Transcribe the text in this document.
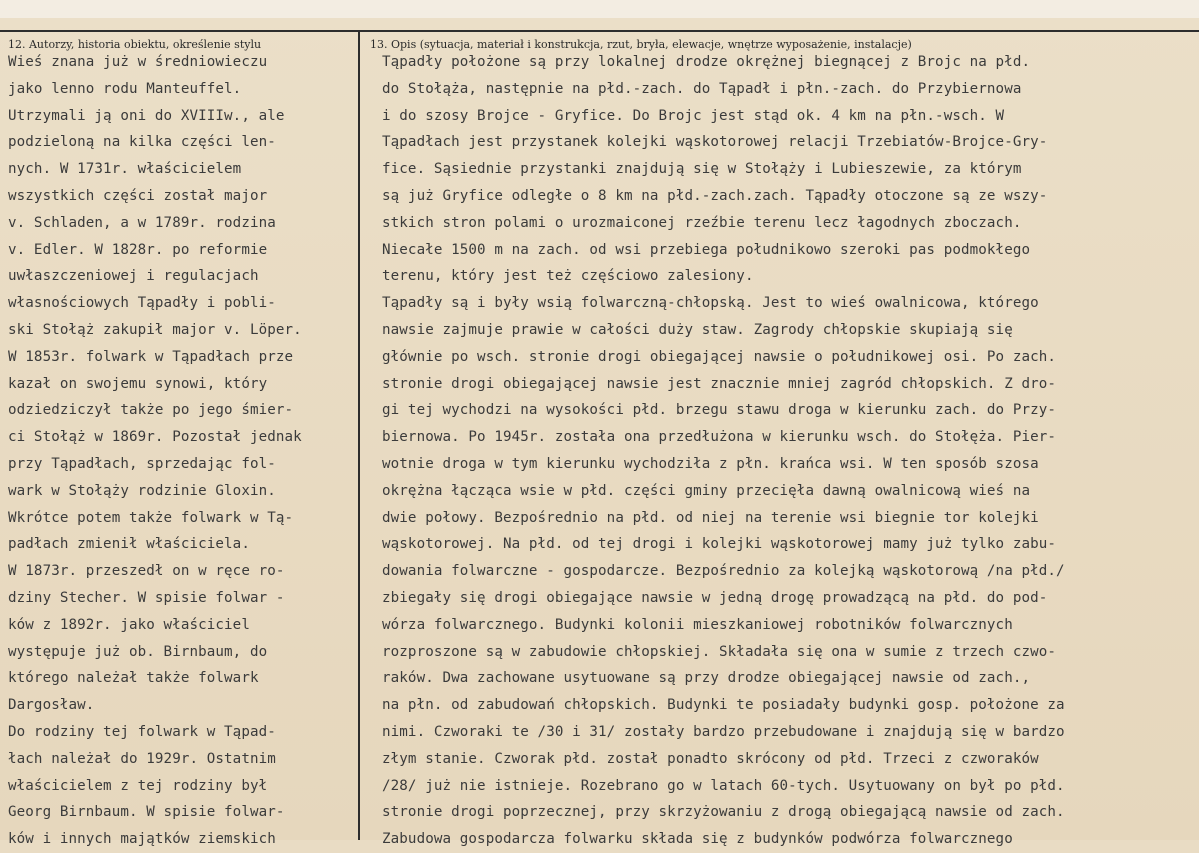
12. Autorzy, historia obiektu, określenie stylu	13. Opis (sytuacja, materiał i konstrukcja, rzut, bryła, elewacje, wnętrze wyposażenie, instalacje)
Wieś znana już w średniowieczu
jako lenno rodu Manteuffel.
Utrzymali ją oni do XVIIIw., ale
podzieloną na kilka części len-
nych. W 1731r. właścicielem
wszystkich części został major
v. Schladen, a w 1789r. rodzina
v. Edler. W 1828r. po reformie
uwłaszczeniowej i regulacjach
własnościowych Tąpadły i pobli-
ski Stołąż zakupił major v. Löper.
W 1853r. folwark w Tąpadłach prze
kazał on swojemu synowi, który
odziedziczył także po jego śmier-
ci Stołąż w 1869r. Pozostał jednak
przy Tąpadłach, sprzedając fol-
wark w Stołąży rodzinie Gloxin.
Wkrótce potem także folwark w Tą-
padłach zmienił właściciela.
W 1873r. przeszedł on w ręce ro-
dziny Stecher. W spisie folwar -
ków z 1892r. jako właściciel
występuje już ob. Birnbaum, do
którego należał także folwark
Dargosław.
Do rodziny tej folwark w Tąpad-
łach należał do 1929r. Ostatnim
właścicielem z tej rodziny był
Georg Birnbaum. W spisie folwar-
ków i innych majątków ziemskich
Tąpadły położone są przy lokalnej drodze okrężnej biegnącej z Brojc na płd.
do Stołąża, następnie na płd.-zach. do Tąpadł i płn.-zach. do Przybiernowa
i do szosy Brojce - Gryfice. Do Brojc jest stąd ok. 4 km na płn.-wsch. W
Tąpadłach jest przystanek kolejki wąskotorowej relacji Trzebiatów-Brojce-Gry-
fice. Sąsiednie przystanki znajdują się w Stołąży i Lubieszewie, za którym
są już Gryfice odległe o 8 km na płd.-zach.zach. Tąpadły otoczone są ze wszy-
stkich stron polami o urozmaiconej rzeźbie terenu lecz łagodnych zboczach.
Niecałe 1500 m na zach. od wsi przebiega południkowo szeroki pas podmokłego
terenu, który jest też częściowo zalesiony.
Tąpadły są i były wsią folwarczną-chłopską. Jest to wieś owalnicowa, którego
nawsie zajmuje prawie w całości duży staw. Zagrody chłopskie skupiają się
głównie po wsch. stronie drogi obiegającej nawsie o południkowej osi. Po zach.
stronie drogi obiegającej nawsie jest znacznie mniej zagród chłopskich. Z dro-
gi tej wychodzi na wysokości płd. brzegu stawu droga w kierunku zach. do Przy-
biernowa. Po 1945r. została ona przedłużona w kierunku wsch. do Stołęża. Pier-
wotnie droga w tym kierunku wychodziła z płn. krańca wsi. W ten sposób szosa
okrężna łącząca wsie w płd. części gminy przecięła dawną owalnicową wieś na
dwie połowy. Bezpośrednio na płd. od niej na terenie wsi biegnie tor kolejki
wąskotorowej. Na płd. od tej drogi i kolejki wąskotorowej mamy już tylko zabu-
dowania folwarczne - gospodarcze. Bezpośrednio za kolejką wąskotorową /na płd./
zbiegały się drogi obiegające nawsie w jedną drogę prowadzącą na płd. do pod-
wórza folwarcznego. Budynki kolonii mieszkaniowej robotników folwarcznych
rozproszone są w zabudowie chłopskiej. Składała się ona w sumie z trzech czwo-
raków. Dwa zachowane usytuowane są przy drodze obiegającej nawsie od zach.,
na płn. od zabudowań chłopskich. Budynki te posiadały budynki gosp. położone za
nimi. Czworaki te /30 i 31/ zostały bardzo przebudowane i znajdują się w bardzo
złym stanie. Czworak płd. został ponadto skrócony od płd. Trzeci z czworaków
/28/ już nie istnieje. Rozebrano go w latach 60-tych. Usytuowany on był po płd.
stronie drogi poprzecznej, przy skrzyżowaniu z drogą obiegającą nawsie od zach.
Zabudowa gospodarcza folwarku składa się z budynków podwórza folwarcznego
